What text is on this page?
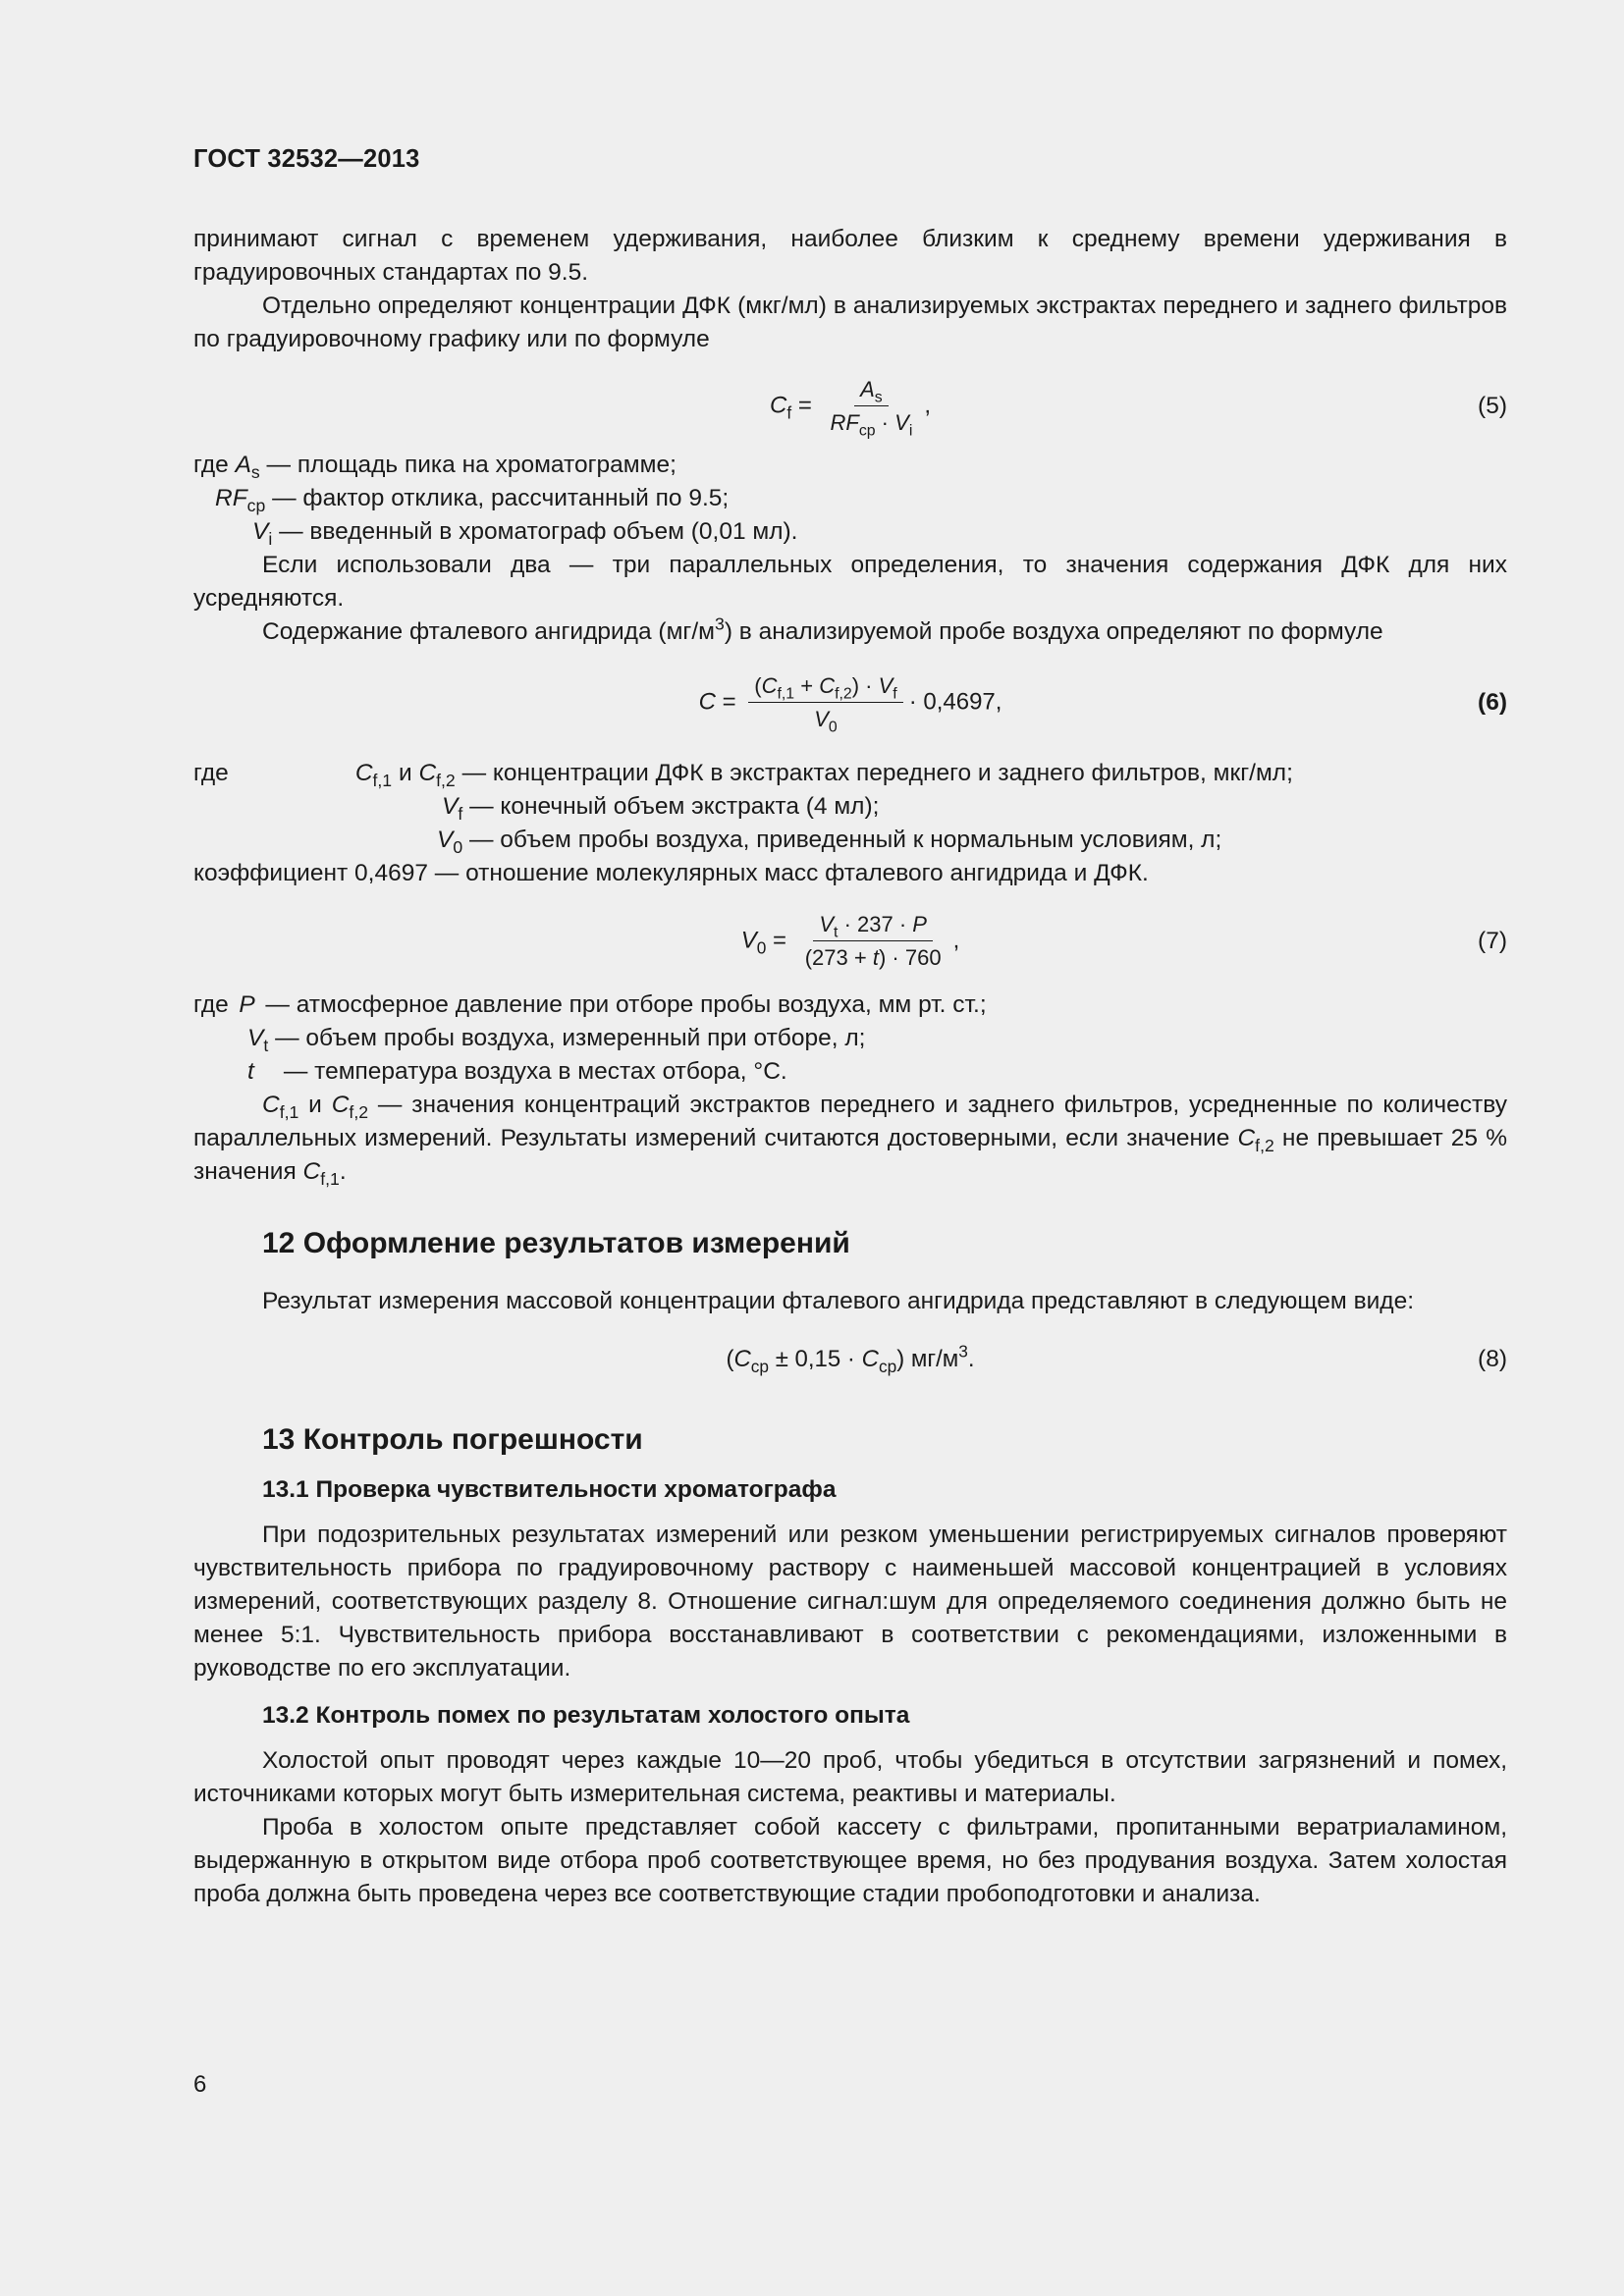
ГОСТ 32532—2013

принимают сигнал с временем удерживания, наиболее близким к среднему времени удерживания в градуировочных стандартах по 9.5.

Отдельно определяют концентрации ДФК (мкг/мл) в анализируемых экстрактах переднего и заднего фильтров по градуировочному графику или по формуле

$C_f = \frac{A_s}{RF_{ср} \cdot V_i}$ ,	(5)
где $A_s$ — площадь пика на хроматограмме;
$RF_{ср}$ — фактор отклика, рассчитанный по 9.5;
$V_i$ — введенный в хроматограф объем (0,01 мл).

Если использовали два — три параллельных определения, то значения содержания ДФК для них усредняются.

Содержание фталевого ангидрида $(мг/м^3)$ в анализируемой пробе воздуха определяют по формуле

$C = \frac{(C_{f,1} + C_{f,2}) \cdot V_f}{V_0} \cdot 0,4697$,	(6)
где	$C_{f,1}$ и $C_{f,2}$ — концентрации ДФК в экстрактах переднего и заднего фильтров, мкг/мл;
$V_f$ — конечный объем экстракта (4 мл);
$V_0$ — объем пробы воздуха, приведенный к нормальным условиям, л;
коэффициент 0,4697 — отношение молекулярных масс фталевого ангидрида и ДФК.
$V_0 = \frac{V_t \cdot 237 \cdot P}{(273 + t) \cdot 760}$ ,	(7)
где P — атмосферное давление при отборе пробы воздуха, мм рт. ст.;
$V_t$ — объем пробы воздуха, измеренный при отборе, л;
t — температура воздуха в местах отбора, °С.

$C_{f,1}$ и $C_{f,2}$ — значения концентраций экстрактов переднего и заднего фильтров, усредненные по количеству параллельных измерений. Результаты измерений считаются достоверными, если значение $C_{f,2}$ не превышает 25 % значения $C_{f,1}$.

12 Оформление результатов измерений

Результат измерения массовой концентрации фталевого ангидрида представляют в следующем виде:

$(C_{ср} \pm 0,15 \cdot C_{ср})$ $мг/м^3$.	(8)
13 Контроль погрешности
13.1 Проверка чувствительности хроматографа

При подозрительных результатах измерений или резком уменьшении регистрируемых сигналов проверяют чувствительность прибора по градуировочному раствору с наименьшей массовой концентрацией в условиях измерений, соответствующих разделу 8. Отношение сигнал:шум для определяемого соединения должно быть не менее 5:1. Чувствительность прибора восстанавливают в соответствии с рекомендациями, изложенными в руководстве по его эксплуатации.

13.2 Контроль помех по результатам холостого опыта

Холостой опыт проводят через каждые 10—20 проб, чтобы убедиться в отсутствии загрязнений и помех, источниками которых могут быть измерительная система, реактивы и материалы.

Проба в холостом опыте представляет собой кассету с фильтрами, пропитанными вератриаламином, выдержанную в открытом виде отбора проб соответствующее время, но без продувания воздуха. Затем холостая проба должна быть проведена через все соответствующие стадии пробоподготовки и анализа.

6
